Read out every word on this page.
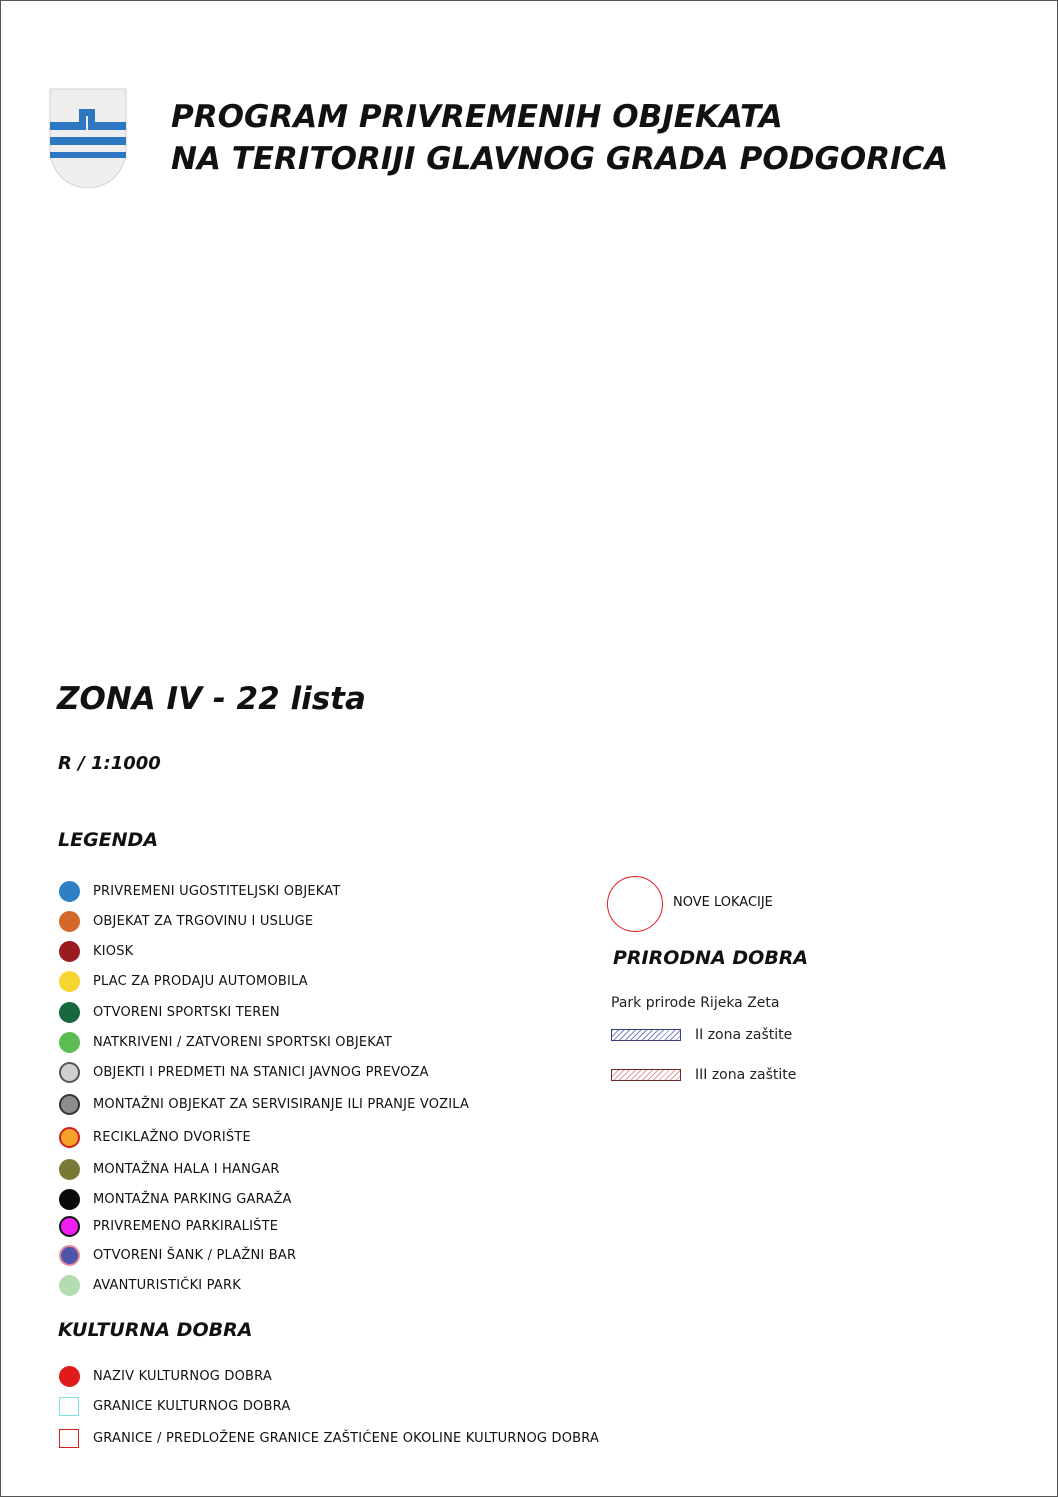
PROGRAM PRIVREMENIH OBJEKATA
NA TERITORIJI GLAVNOG GRADA PODGORICA
ZONA IV - 22 lista
R / 1:1000
LEGENDA
PRIVREMENI UGOSTITELJSKI OBJEKAT
OBJEKAT ZA TRGOVINU I USLUGE
KIOSK
PLAC ZA PRODAJU AUTOMOBILA
OTVORENI SPORTSKI TEREN
NATKRIVENI / ZATVORENI SPORTSKI OBJEKAT
OBJEKTI I PREDMETI NA STANICI JAVNOG PREVOZA
MONTAŽNI OBJEKAT ZA SERVISIRANJE ILI PRANJE VOZILA
RECIKLAŽNO DVORIŠTE
MONTAŽNA HALA I HANGAR
MONTAŽNA PARKING GARAŽA
PRIVREMENO PARKIRALIŠTE
OTVORENI ŠANK / PLAŽNI BAR
AVANTURISTIČKI PARK
KULTURNA DOBRA
NAZIV KULTURNOG DOBRA
GRANICE KULTURNOG DOBRA
GRANICE / PREDLOŽENE GRANICE ZAŠTIĆENE OKOLINE KULTURNOG DOBRA
NOVE LOKACIJE
PRIRODNA DOBRA
Park prirode Rijeka Zeta
II zona zaštite
III zona zaštite
